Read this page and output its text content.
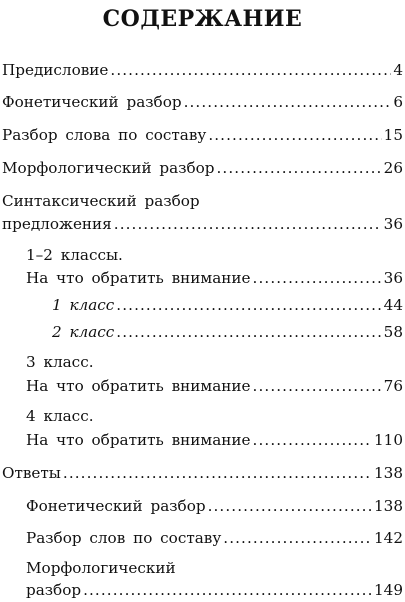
СОДЕРЖАНИЕ
Предисловие .....	4
Фонетический разбор .....	6
Разбор слова по составу .....	15
Морфологический разбор .....	26
Синтаксический разбор
предложения .....	36
1–2 классы.
На что обратить внимание .....	36
1 класс .....	44
2 класс .....	58
3 класс.
На что обратить внимание .....	76
4 класс.
На что обратить внимание .....	110
Ответы .....	138
Фонетический разбор .....	138
Разбор слов по составу .....	142
Морфологический
разбор .....	149
